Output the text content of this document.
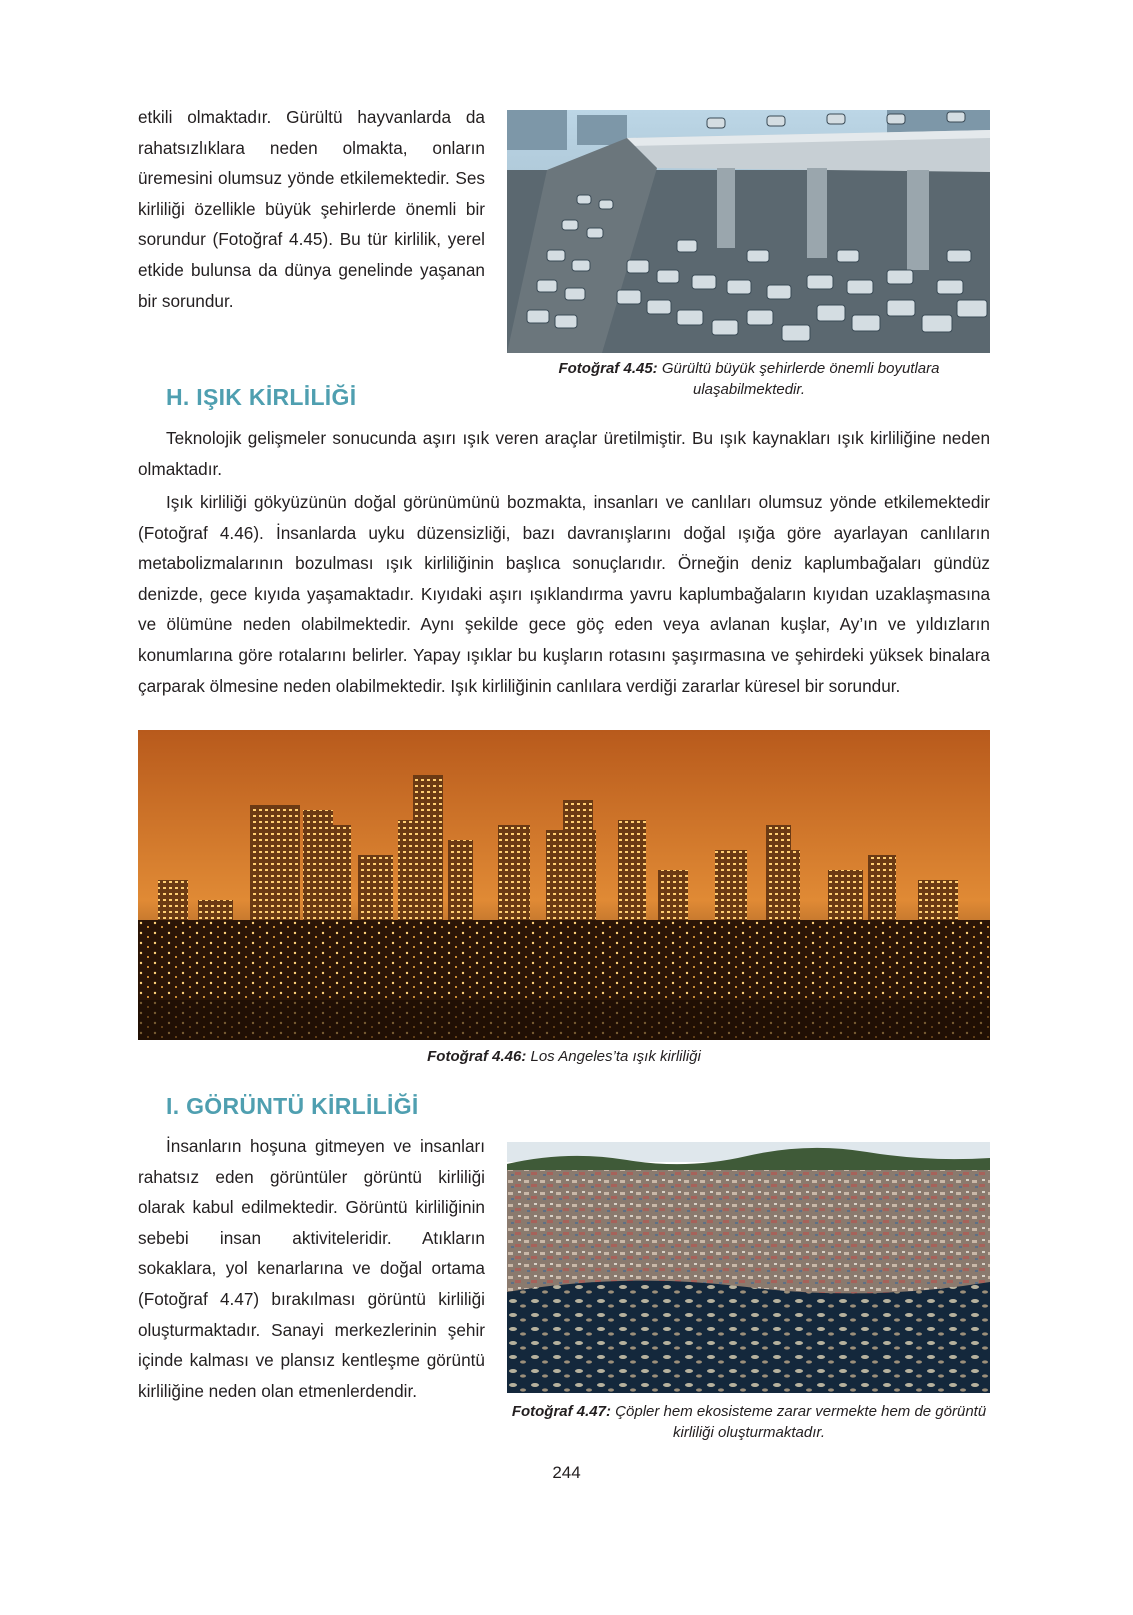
etkili olmaktadır. Gürültü hayvanlarda da rahatsızlıklara neden olmakta, onların üremesini olumsuz yönde etkilemektedir. Ses kirliliği özellikle büyük şehirlerde önemli bir sorundur (Fotoğraf 4.45). Bu tür kirlilik, yerel etkide bulunsa da dünya genelinde yaşanan bir sorundur.

Fotoğraf 4.45: Gürültü büyük şehirlerde önemli boyutlara ulaşabilmektedir.
H. IŞIK KİRLİLİĞİ

Teknolojik gelişmeler sonucunda aşırı ışık veren araçlar üretilmiştir. Bu ışık kaynakları ışık kirliliğine neden olmaktadır.

Işık kirliliği gökyüzünün doğal görünümünü bozmakta, insanları ve canlıları olumsuz yönde etkilemektedir (Fotoğraf 4.46). İnsanlarda uyku düzensizliği, bazı davranışlarını doğal ışığa göre ayarlayan canlıların metabolizmalarının bozulması ışık kirliliğinin başlıca sonuçlarıdır. Örneğin deniz kaplumbağaları gündüz denizde, gece kıyıda yaşamaktadır. Kıyıdaki aşırı ışıklandırma yavru kaplumbağaların kıyıdan uzaklaşmasına ve ölümüne neden olabilmektedir. Aynı şekilde gece göç eden veya avlanan kuşlar, Ay’ın ve yıldızların konumlarına göre rotalarını belirler. Yapay ışıklar bu kuşların rotasını şaşırmasına ve şehirdeki yüksek binalara çarparak ölmesine neden olabilmektedir. Işık kirliliğinin canlılara verdiği zararlar küresel bir sorundur.

Fotoğraf 4.46: Los Angeles’ta ışık kirliliği
I. GÖRÜNTÜ KİRLİLİĞİ

İnsanların hoşuna gitmeyen ve insanları rahatsız eden görüntüler görüntü kirliliği olarak kabul edilmektedir. Görüntü kirliliğinin sebebi insan aktiviteleridir. Atıkların sokaklara, yol kenarlarına ve doğal ortama (Fotoğraf 4.47) bırakılması görüntü kirliliği oluşturmaktadır. Sanayi merkezlerinin şehir içinde kalması ve plansız kentleşme görüntü kirliliğine neden olan etmenlerdendir.

Fotoğraf 4.47: Çöpler hem ekosisteme zarar vermekte hem de görüntü kirliliği oluşturmaktadır.
244
